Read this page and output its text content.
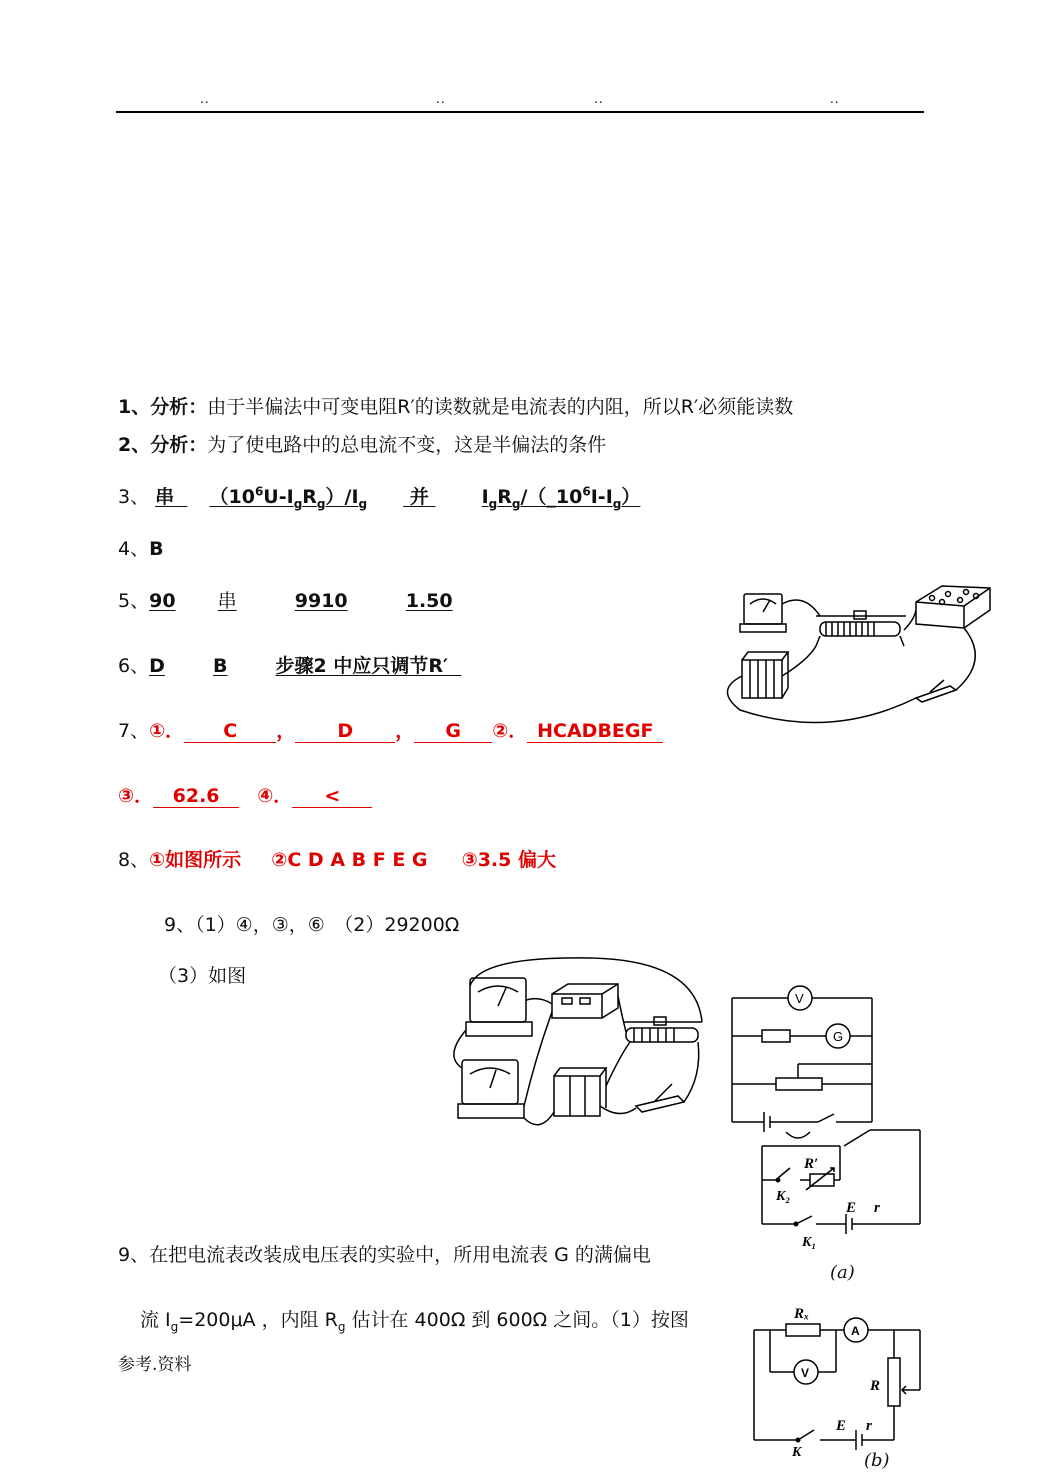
..	..	..	..
1、分析：由于半偏法中可变电阻R′的读数就是电流表的内阻，所以R′必须能读数
2、分析：为了使电路中的总电流不变，这是半偏法的条件
3、 串 $(10^6U-I_gR_g)/I_g$ 并	$I_gR_g/(\_10^6I-I_g)$
4、B
5、90 串	9910	1.50
6、D	B	步骤2 中应只调节R′
7、①． C ， D ， G ②． HCADBEGF
③． 62.6 ④． <
8、①如图所示 ②C D A B F E G ③3.5 偏大
9、（1）④，③，⑥　（2）29200Ω
（3）如图
9、在把电流表改装成电压表的实验中，所用电流表 G 的满偏电
流 $I_g=200\mu A$ ，内阻 $R_g$ 估计在 400Ω 到 600Ω 之间。（1）按图
参考.资料
V
G
R′
K₂
E r
K₁
(a)
Rₓ
A
V
R
E r
K	(b)
